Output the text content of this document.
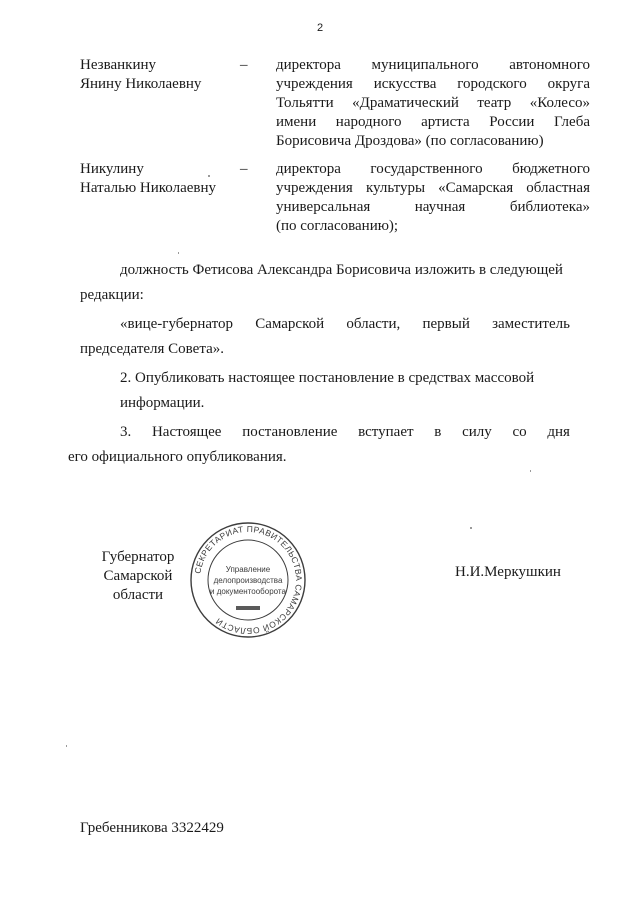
2
Незванкину
Янину Николаевну
–	директора муниципального автономного
учреждения искусства городского округа
Тольятти «Драматический театр «Колесо»
имени народного артиста России Глеба
Борисовича Дроздова» (по согласованию)
Никулину
Наталью Николаевну
–	директора государственного бюджетного
учреждения культуры «Самарская областная
универсальная научная библиотека»
(по согласованию);
должность Фетисова Александра Борисовича изложить в следующей
редакции:
«вице-губернатор Самарской области, первый заместитель
председателя Совета».
2. Опубликовать настоящее постановление в средствах массовой
информации.
3. Настоящее постановление вступает в силу со дня
его официального опубликования.
Губернатор
Самарской области
СЕКРЕТАРИАТ ПРАВИТЕЛЬСТВА САМАРСКОЙ ОБЛАСТИ
Управление
делопроизводства
и документооборота
Н.И.Меркушкин
Гребенникова 3322429
